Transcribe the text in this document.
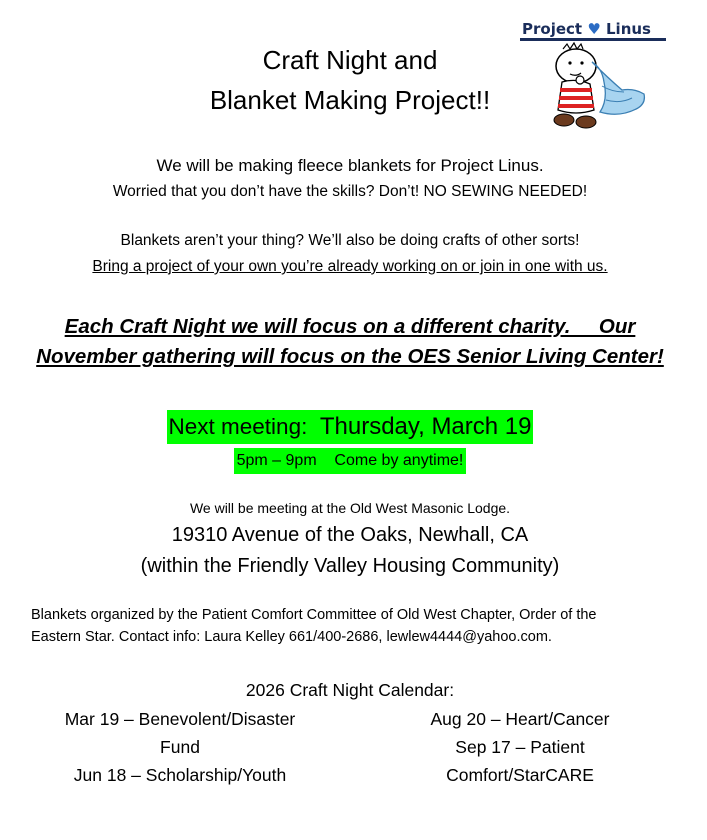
Craft Night and
Blanket Making Project!!
Project ♥ Linus
We will be making fleece blankets for Project Linus.
Worried that you don’t have the skills? Don’t! NO SEWING NEEDED!
Blankets aren’t your thing? We’ll also be doing crafts of other sorts!
Bring a project of your own you’re already working on or join in one with us.
Each Craft Night we will focus on a different charity.     Our
November gathering will focus on the OES Senior Living Center!
Next meeting:  Thursday, March 19
5pm – 9pm    Come by anytime!
We will be meeting at the Old West Masonic Lodge.
19310 Avenue of the Oaks, Newhall, CA
(within the Friendly Valley Housing Community)
Blankets organized by the Patient Comfort Committee of Old West Chapter, Order of the
Eastern Star. Contact info: Laura Kelley 661/400-2686, lewlew4444@yahoo.com.
2026 Craft Night Calendar:
Mar 19 – Benevolent/Disaster
Fund
Jun 18 – Scholarship/Youth
Aug 20 – Heart/Cancer
Sep 17 – Patient
Comfort/StarCARE
